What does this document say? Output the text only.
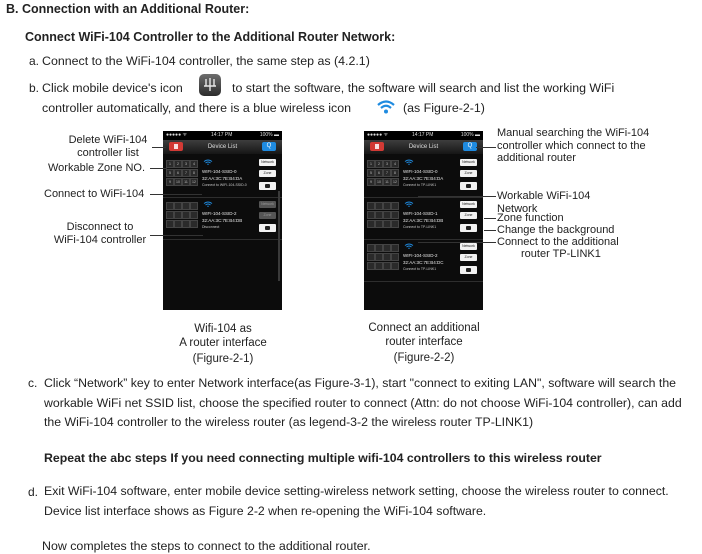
B. Connection with an Additional Router:
Connect WiFi-104 Controller to the Additional Router Network:
a. Connect to the WiFi-104 controller, the same step as (4.2.1)
b. Click mobile device's icon	to start the software, the software will search and list the working WiFi
controller automatically, and there is a blue wireless icon	(as Figure-2-1)
●●●●● ᯤ	14:17 PM	100% ▬
Device List	Q
1	2	3	4
5	6	7	8
9	10	11	12
WIFI-104-SSID-0
32:AA:3C:7E:B4:DA
Connect to WIFI-104-SSID-0
Network
Zone
WIFI-104-SSID-2
32:AA:3C:7E:B4:DB
Disconnect
Network
Zone
Delete WiFi-104
controller list
Workable Zone NO.
Connect to WiFi-104
Disconnect to
WiFi-104 controller
Wifi-104 as
A router interface
(Figure-2-1)
●●●●● ᯤ	14:17 PM	100% ▬
Device List	Q
1	2	3	4
5	6	7	8
9	10	11	12
WIFI-104-SSID-0
32:AA:3C:7E:B4:DA
Connect to TP-LINK1
Network
Zone
WIFI-104-SSID-1
32:AA:3C:7E:B4:DB
Connect to TP-LINK1
Network
Zone
WIFI-104-SSID-2
32:AA:3C:7E:B4:DC
Connect to TP-LINK1
Network
Zone
Manual searching the WiFi-104
controller which connect to the
additional router
Workable WiFi-104
Network
Zone function
Change the background
Connect to the additional
router TP-LINK1
Connect an additional
router interface
(Figure-2-2)
c. Click “Network” key to enter Network interface(as Figure-3-1), start "connect to exiting LAN", software will search the workable WiFi net SSID list, choose the specified router to connect (Attn: do not choose WiFi-104 controller), can add the WiFi-104 controller to the wireless router (as legend-3-2 the wireless router TP-LINK1)
Repeat the abc steps If you need connecting multiple wifi-104 controllers to this wireless router
d. Exit WiFi-104 software, enter mobile device setting-wireless network setting, choose the wireless router to connect. Device list interface shows as Figure 2-2 when re-opening the WiFi-104 software.
Now completes the steps to connect to the additional router.
